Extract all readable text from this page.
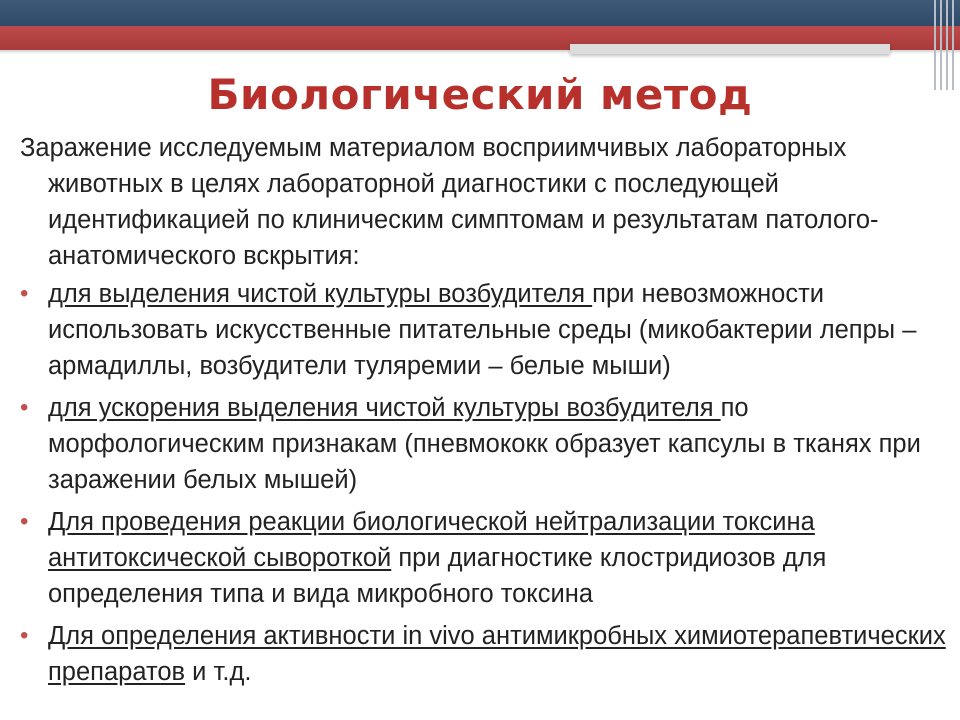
Биологический метод

Заражение исследуемым материалом восприимчивых лабораторных животных в целях лабораторной диагностики с последующей идентификацией по клиническим симптомам и результатам патолого-анатомического вскрытия:

• для выделения чистой культуры возбудителя при невозможности использовать искусственные питательные среды (микобактерии лепры – армадиллы, возбудители туляремии – белые мыши)
• для ускорения выделения чистой культуры возбудителя по морфологическим признакам (пневмококк образует капсулы в тканях при заражении белых мышей)
• Для проведения реакции биологической нейтрализации токсина антитоксической сывороткой при диагностике клостридиозов для определения типа и вида микробного токсина
• Для определения активности in vivo антимикробных химиотерапевтических препаратов и т.д.
